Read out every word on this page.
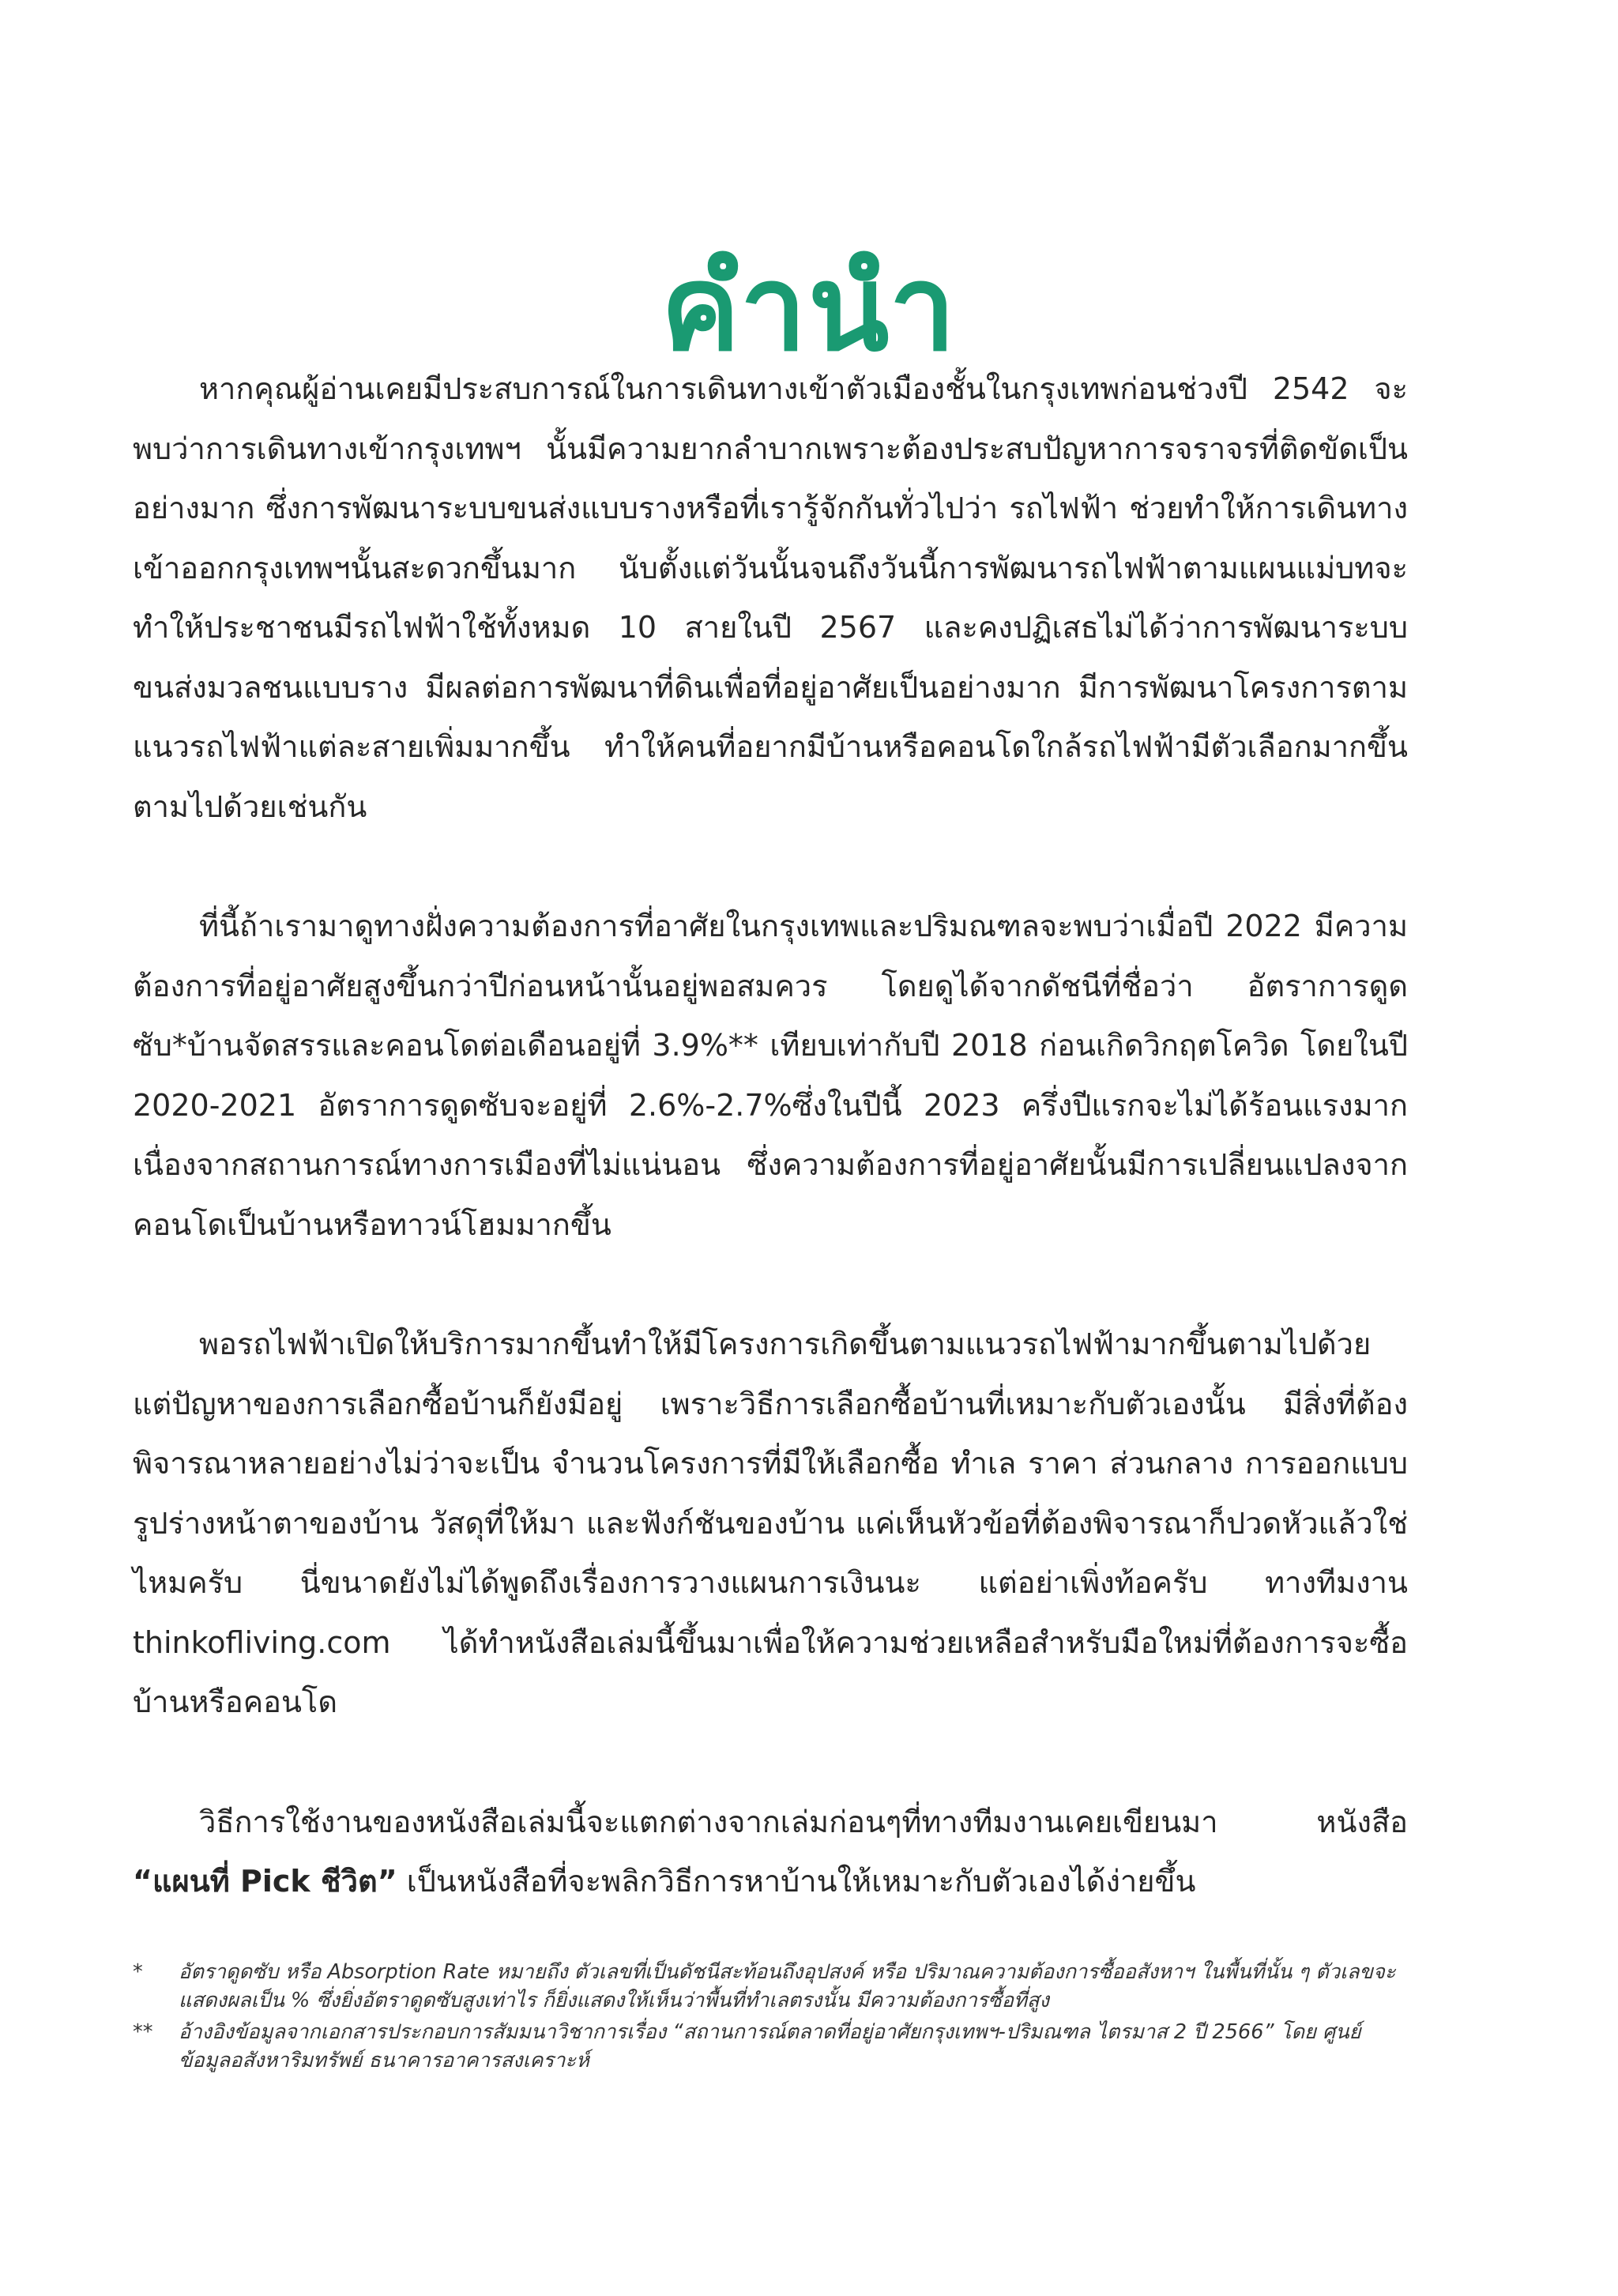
คำนำ

หากคุณผู้อ่านเคยมีประสบการณ์ในการเดินทางเข้าตัวเมืองชั้นในกรุงเทพก่อนช่วงปี 2542 จะพบว่าการเดินทางเข้ากรุงเทพฯ นั้นมีความยากลำบากเพราะต้องประสบปัญหาการจราจรที่ติดขัดเป็นอย่างมาก ซึ่งการพัฒนาระบบขนส่งแบบรางหรือที่เรารู้จักกันทั่วไปว่า รถไฟฟ้า ช่วยทำให้การเดินทางเข้าออกกรุงเทพฯนั้นสะดวกขึ้นมาก นับตั้งแต่วันนั้นจนถึงวันนี้การพัฒนารถไฟฟ้าตามแผนแม่บทจะทำให้ประชาชนมีรถไฟฟ้าใช้ทั้งหมด 10 สายในปี 2567 และคงปฏิเสธไม่ได้ว่าการพัฒนาระบบขนส่งมวลชนแบบราง มีผลต่อการพัฒนาที่ดินเพื่อที่อยู่อาศัยเป็นอย่างมาก มีการพัฒนาโครงการตามแนวรถไฟฟ้าแต่ละสายเพิ่มมากขึ้น ทำให้คนที่อยากมีบ้านหรือคอนโดใกล้รถไฟฟ้ามีตัวเลือกมากขึ้นตามไปด้วยเช่นกัน

ที่นี้ถ้าเรามาดูทางฝั่งความต้องการที่อาศัยในกรุงเทพและปริมณฑลจะพบว่าเมื่อปี 2022 มีความต้องการที่อยู่อาศัยสูงขึ้นกว่าปีก่อนหน้านั้นอยู่พอสมควร โดยดูได้จากดัชนีที่ชื่อว่า อัตราการดูดซับ*บ้านจัดสรรและคอนโดต่อเดือนอยู่ที่ 3.9%** เทียบเท่ากับปี 2018 ก่อนเกิดวิกฤตโควิด โดยในปี 2020-2021 อัตราการดูดซับจะอยู่ที่ 2.6%-2.7%ซึ่งในปีนี้ 2023 ครึ่งปีแรกจะไม่ได้ร้อนแรงมากเนื่องจากสถานการณ์ทางการเมืองที่ไม่แน่นอน ซึ่งความต้องการที่อยู่อาศัยนั้นมีการเปลี่ยนแปลงจากคอนโดเป็นบ้านหรือทาวน์โฮมมากขึ้น

พอรถไฟฟ้าเปิดให้บริการมากขึ้นทำให้มีโครงการเกิดขึ้นตามแนวรถไฟฟ้ามากขึ้นตามไปด้วย แต่ปัญหาของการเลือกซื้อบ้านก็ยังมีอยู่ เพราะวิธีการเลือกซื้อบ้านที่เหมาะกับตัวเองนั้น มีสิ่งที่ต้องพิจารณาหลายอย่างไม่ว่าจะเป็น จำนวนโครงการที่มีให้เลือกซื้อ ทำเล ราคา ส่วนกลาง การออกแบบรูปร่างหน้าตาของบ้าน วัสดุที่ให้มา และฟังก์ชันของบ้าน แค่เห็นหัวข้อที่ต้องพิจารณาก็ปวดหัวแล้วใช่ไหมครับ นี่ขนาดยังไม่ได้พูดถึงเรื่องการวางแผนการเงินนะ แต่อย่าเพิ่งท้อครับ ทางทีมงาน thinkofliving.com ได้ทำหนังสือเล่มนี้ขึ้นมาเพื่อให้ความช่วยเหลือสำหรับมือใหม่ที่ต้องการจะซื้อบ้านหรือคอนโด

วิธีการใช้งานของหนังสือเล่มนี้จะแตกต่างจากเล่มก่อนๆที่ทางทีมงานเคยเขียนมา หนังสือ “แผนที่ Pick ชีวิต” เป็นหนังสือที่จะพลิกวิธีการหาบ้านให้เหมาะกับตัวเองได้ง่ายขึ้น

* อัตราดูดซับ หรือ Absorption Rate หมายถึง ตัวเลขที่เป็นดัชนีสะท้อนถึงอุปสงค์ หรือ ปริมาณความต้องการซื้ออสังหาฯ ในพื้นที่นั้น ๆ ตัวเลขจะแสดงผลเป็น % ซึ่งยิ่งอัตราดูดซับสูงเท่าไร ก็ยิ่งแสดงให้เห็นว่าพื้นที่ทำเลตรงนั้น มีความต้องการซื้อที่สูง
** อ้างอิงข้อมูลจากเอกสารประกอบการสัมมนาวิชาการเรื่อง “สถานการณ์ตลาดที่อยู่อาศัยกรุงเทพฯ-ปริมณฑล ไตรมาส 2 ปี 2566” โดย ศูนย์ข้อมูลอสังหาริมทรัพย์ ธนาคารอาคารสงเคราะห์
